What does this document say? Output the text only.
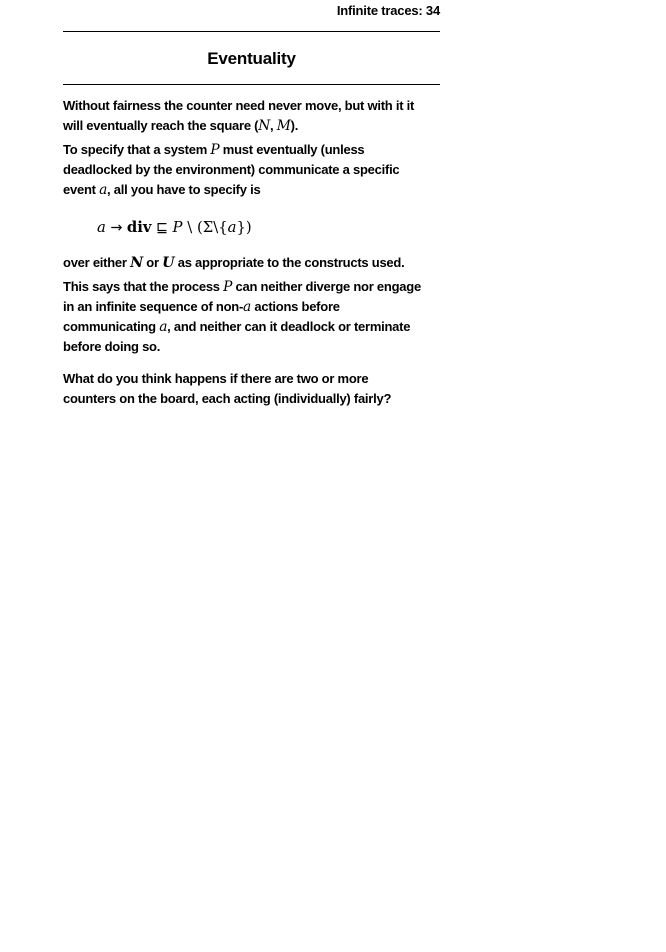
Infinite traces: 34
Eventuality

Without fairness the counter need never move, but with it it
will eventually reach the square (N, M).

To specify that a system P must eventually (unless
deadlocked by the environment) communicate a specific
event a, all you have to specify is

a → div ⊑ P \ (Σ\{a})

over either N or U as appropriate to the constructs used.

This says that the process P can neither diverge nor engage
in an infinite sequence of non-a actions before
communicating a, and neither can it deadlock or terminate
before doing so.

What do you think happens if there are two or more
counters on the board, each acting (individually) fairly?
